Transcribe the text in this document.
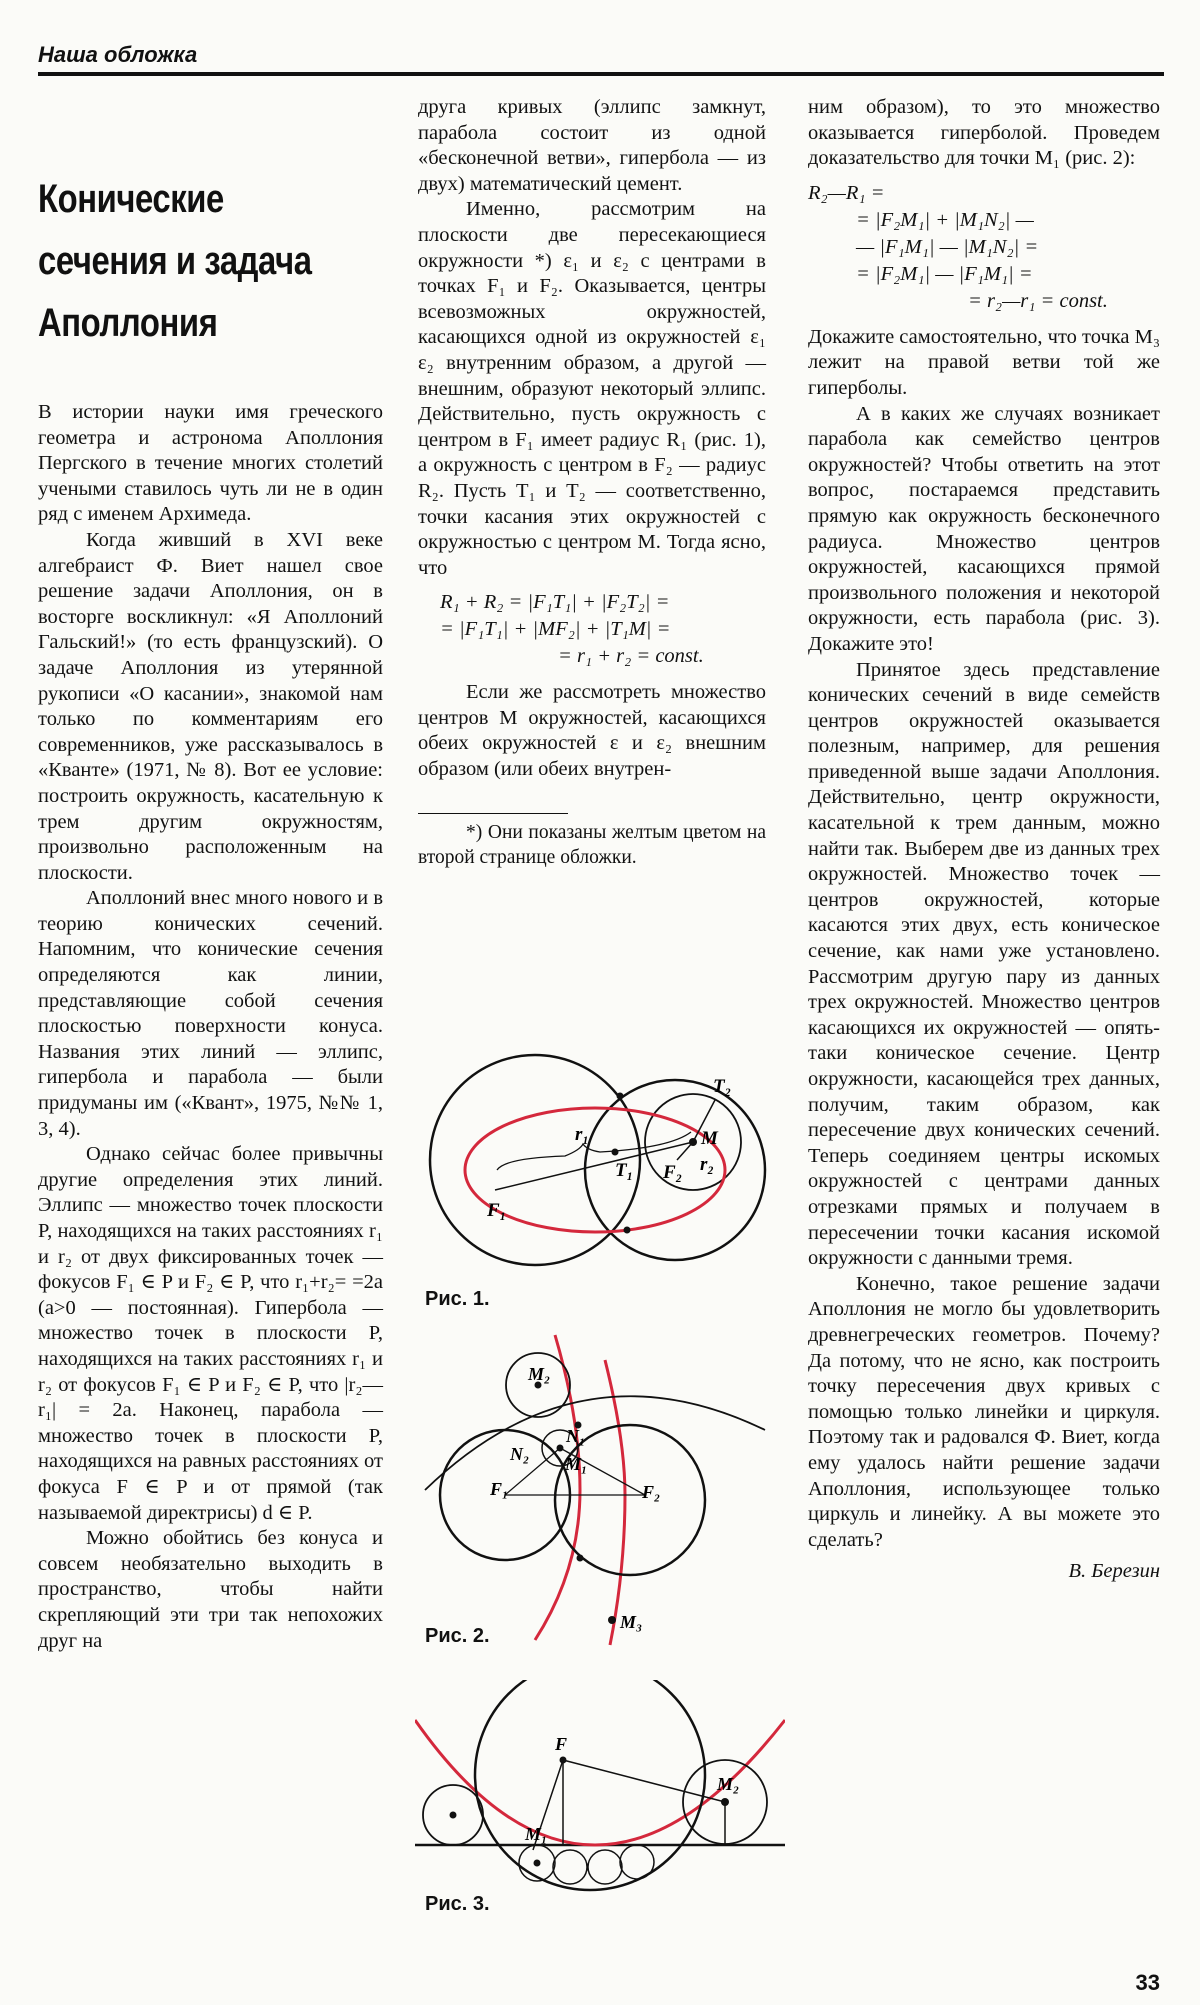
Наша обложка
Конические
сечения и задача
Аполлония

В истории науки имя греческого геометра и астронома Аполлония Пергского в течение многих столетий учеными ставилось чуть ли не в один ряд с именем Архимеда.

Когда живший в XVI веке алгебраист Ф. Виет нашел свое решение задачи Аполлония, он в восторге воскликнул: «Я Аполлоний Гальский!» (то есть французский). О задаче Аполлония из утерянной рукописи «О касании», знакомой нам только по комментариям его современников, уже рассказывалось в «Кванте» (1971, № 8). Вот ее условие: построить окружность, касательную к трем другим окружностям, произвольно расположенным на плоскости.

Аполлоний внес много нового и в теорию конических сечений. Напомним, что конические сечения определяются как линии, представляющие собой сечения плоскостью поверхности конуса. Названия этих линий — эллипс, гипербола и парабола — были придуманы им («Квант», 1975, №№ 1, 3, 4).

Однако сейчас более привычны другие определения этих линий. Эллипс — множество точек плоскости P, находящихся на таких расстояниях r₁ и r₂ от двух фиксированных точек — фокусов F₁ ∈ P и F₂ ∈ P, что r₁+r₂= =2a (a>0 — постоянная). Гипербола — множество точек в плоскости P, находящихся на таких расстояниях r₁ и r₂ от фокусов F₁ ∈ P и F₂ ∈ P, что |r₂—r₁| = 2a. Наконец, парабола — множество точек в плоскости P, находящихся на равных расстояниях от фокуса F ∈ P и от прямой (так называемой директрисы) d ∈ P.

Можно обойтись без конуса и совсем необязательно выходить в пространство, чтобы найти скрепляющий эти три так непохожих друг на

друга кривых (эллипс замкнут, парабола состоит из одной «бесконечной ветви», гипербола — из двух) математический цемент.

Именно, рассмотрим на плоскости две пересекающиеся окружности *) ε₁ и ε₂ с центрами в точках F₁ и F₂. Оказывается, центры всевозможных окружностей, касающихся одной из окружностей ε₁ ε₂ внутренним образом, а другой — внешним, образуют некоторый эллипс. Действительно, пусть окружность с центром в F₁ имеет радиус R₁ (рис. 1), а окружность с центром в F₂ — радиус R₂. Пусть T₁ и T₂ — соответственно, точки касания этих окружностей с окружностью с центром M. Тогда ясно, что

R₁ + R₂ = |F₁T₁| + |F₂T₂| =
= |F₁T₁| + |MF₂| + |T₁M| =
= r₁ + r₂ = const.

Если же рассмотреть множество центров M окружностей, касающихся обеих окружностей ε и ε₂ внешним образом (или обеих внутрен-

*) Они показаны желтым цветом на второй странице обложки.

ним образом), то это множество оказывается гиперболой. Проведем доказательство для точки M₁ (рис. 2):

R₂—R₁ =
= |F₂M₁| + |M₁N₂| —
— |F₁M₁| — |M₁N₂| =
= |F₂M₁| — |F₁M₁| =
= r₂—r₁ = const.

Докажите самостоятельно, что точка M₃ лежит на правой ветви той же гиперболы.

А в каких же случаях возникает парабола как семейство центров окружностей? Чтобы ответить на этот вопрос, постараемся представить прямую как окружность бесконечного радиуса. Множество центров окружностей, касающихся прямой произвольного положения и некоторой окружности, есть парабола (рис. 3). Докажите это!

Принятое здесь представление конических сечений в виде семейств центров окружностей оказывается полезным, например, для решения приведенной выше задачи Аполлония. Действительно, центр окружности, касательной к трем данным, можно найти так. Выберем две из данных трех окружностей. Множество точек — центров окружностей, которые касаются этих двух, есть коническое сечение, как нами уже установлено. Рассмотрим другую пару из данных трех окружностей. Множество центров касающихся их окружностей — опять-таки коническое сечение. Центр окружности, касающейся трех данных, получим, таким образом, как пересечение двух конических сечений. Теперь соединяем центры искомых окружностей с центрами данных отрезками прямых и получаем в пересечении точки касания искомой окружности с данными тремя.

Конечно, такое решение задачи Аполлония не могло бы удовлетворить древнегреческих геометров. Почему? Да потому, что не ясно, как построить точку пересечения двух кривых с помощью только линейки и циркуля. Поэтому так и радовался Ф. Виет, когда ему удалось найти решение задачи Аполлония, использующее только циркуль и линейку. А вы можете это сделать?

В. Березин
T₂
M
r₁
r₂
F₁
T₁ F₂
Рис. 1.
M₂
N₂
N₁
M₁
F₁	F₂
M₃
Рис. 2.
F
M₁
M₂
Рис. 3.
33
